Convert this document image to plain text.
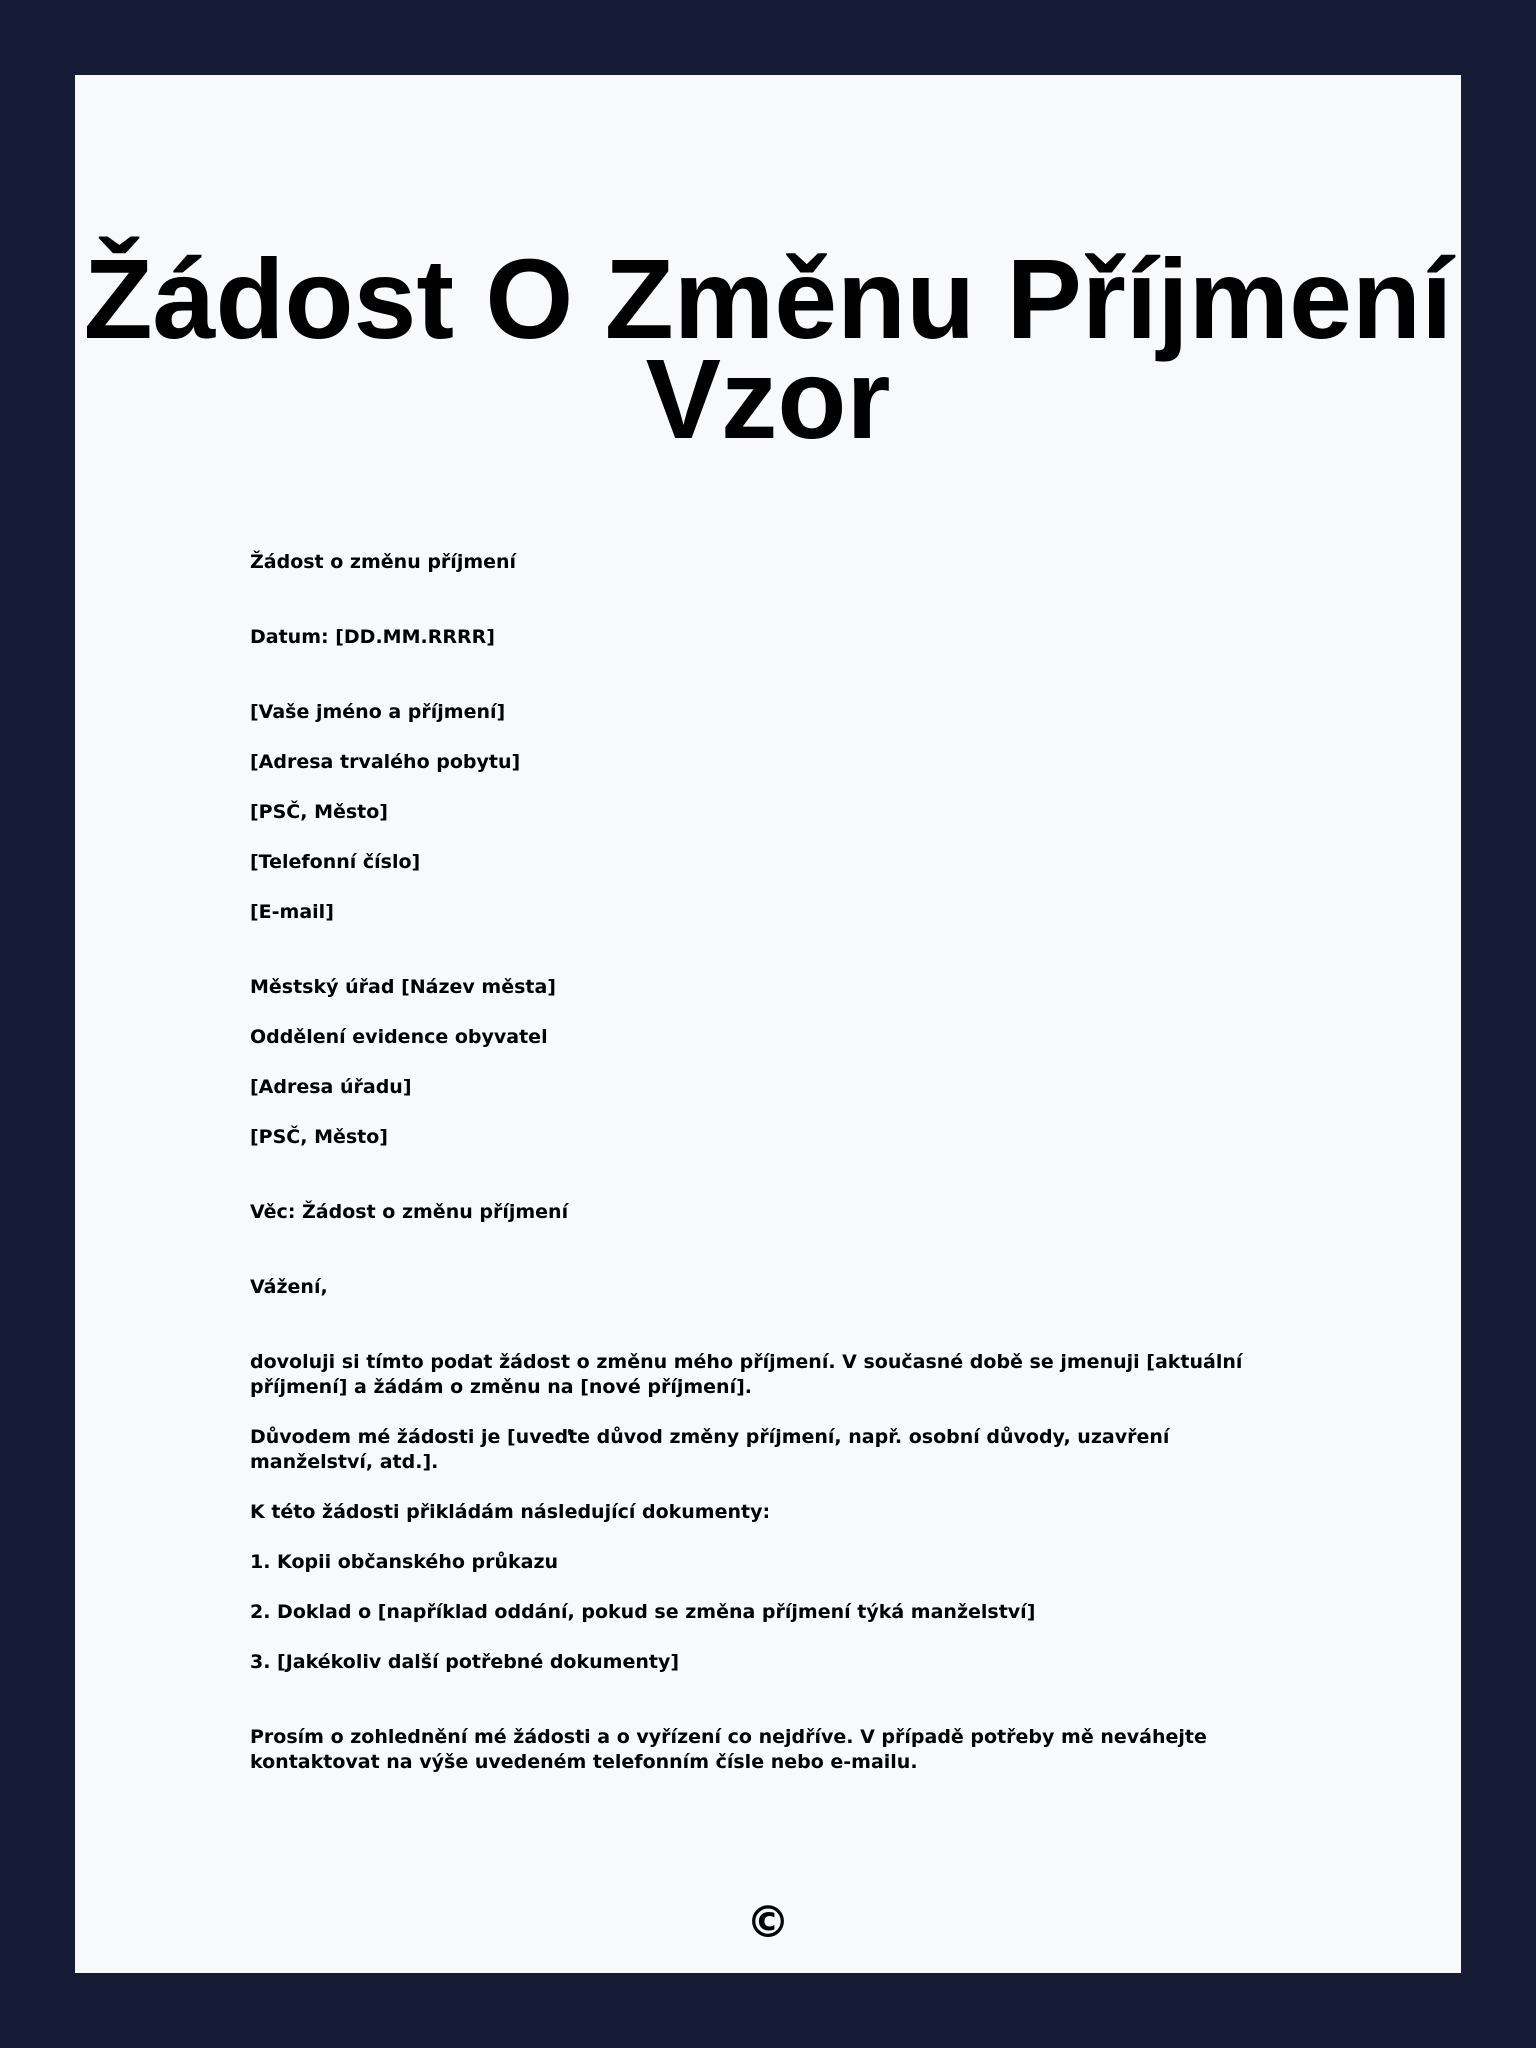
Žádost O Změnu Příjmení
Vzor

Žádost o změnu příjmení

Datum: [DD.MM.RRRR]

[Vaše jméno a příjmení]

[Adresa trvalého pobytu]

[PSČ, Město]

[Telefonní číslo]

[E-mail]

Městský úřad [Název města]

Oddělení evidence obyvatel

[Adresa úřadu]

[PSČ, Město]

Věc: Žádost o změnu příjmení

Vážení,

dovoluji si tímto podat žádost o změnu mého příjmení. V současné době se jmenuji [aktuální příjmení] a žádám o změnu na [nové příjmení].

Důvodem mé žádosti je [uveďte důvod změny příjmení, např. osobní důvody, uzavření manželství, atd.].

K této žádosti přikládám následující dokumenty:

1. Kopii občanského průkazu

2. Doklad o [například oddání, pokud se změna příjmení týká manželství]

3. [Jakékoliv další potřebné dokumenty]

Prosím o zohlednění mé žádosti a o vyřízení co nejdříve. V případě potřeby mě neváhejte kontaktovat na výše uvedeném telefonním čísle nebo e-mailu.

©
